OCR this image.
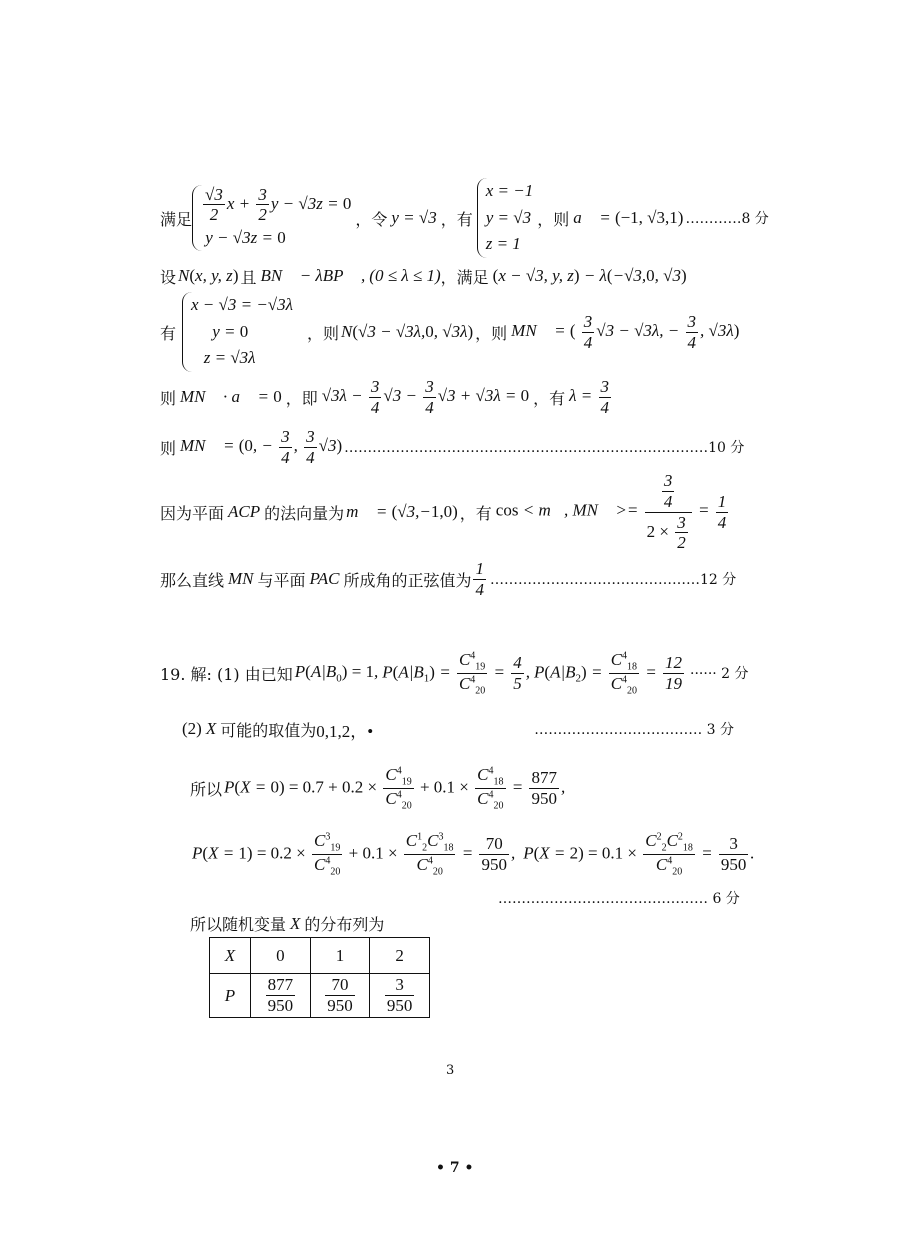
满足 $\frac{√3}{2}$ $x + \frac{3}{2}$ y − √3z = 0
y − √3z = 0
，令 y = √3 ，有
x = −1
y = √3
z = 1
，则 a⃗ = (−1, √3,1) …………8 分
设 N(x, y, z) 且 BN⃗ − λBP⃗ , (0 ≤ λ ≤ 1) ，满足 (x − √3, y, z) − λ(−√3,0, √3)
有
x − √3 = −√3λ
y = 0
z = √3λ
，则 N(√3 − √3λ,0, √3λ) ，则 MN⃗ = ( $\frac{3}{4} √3 - √3\lambda$, − $\frac{3}{4}$ , √3λ)
则 MN⃗ · a⃗ = 0 ，即 $√3\lambda - \frac{3}{4} √3 - \frac{3}{4} √3 + √3\lambda = 0$ ，有 $\lambda = \frac{3}{4}$
则 MN⃗ = (0, − $\frac{3}{4}$ , $\frac{3}{4} √3$) ……………………………………………………………………10 分
因为平面 ACP 的法向量为 m⃗ = (√3,−1,0) ，有 cos < m⃗, MN⃗ >= $\frac{\frac{3}{4}}{2 \times \frac{3}{2}} = \frac{1}{4}$
那么直线 MN 与平面 PAC 所成角的正弦值为 $\frac{1}{4}$ ………………………………………12 分
19. 解: (1) 由已知 $P(A|B_0) = 1$, $P(A|B_1) = \frac{C^4_{19}}{C^4_{20}} = \frac{4}{5}$ , $P(A|B_2) = \frac{C^4_{18}}{C^4_{20}} = \frac{12}{19}$ ······ 2 分
(2) X 可能的取值为 0,1,2，•	……………………………… 3 分
所以 $P(X = 0) = 0.7 + 0.2 \times \frac{C^4_{19}}{C^4_{20}} + 0.1 \times \frac{C^4_{18}}{C^4_{20}} = \frac{877}{950}$ ,
$P(X = 1) = 0.2 \times \frac{C^3_{19}}{C^4_{20}} + 0.1 \times \frac{C^1_2C^3_{18}}{C^4_{20}} = \frac{70}{950}$ , $P(X = 2) = 0.1 \times \frac{C^2_2C^2_{18}}{C^4_{20}} = \frac{3}{950}$ .
……………………………………… 6 分
所以随机变量 X 的分布列为
X	0	1	2
P	$\frac{877}{950}$	$\frac{70}{950}$	$\frac{3}{950}$
3
• 7 •
